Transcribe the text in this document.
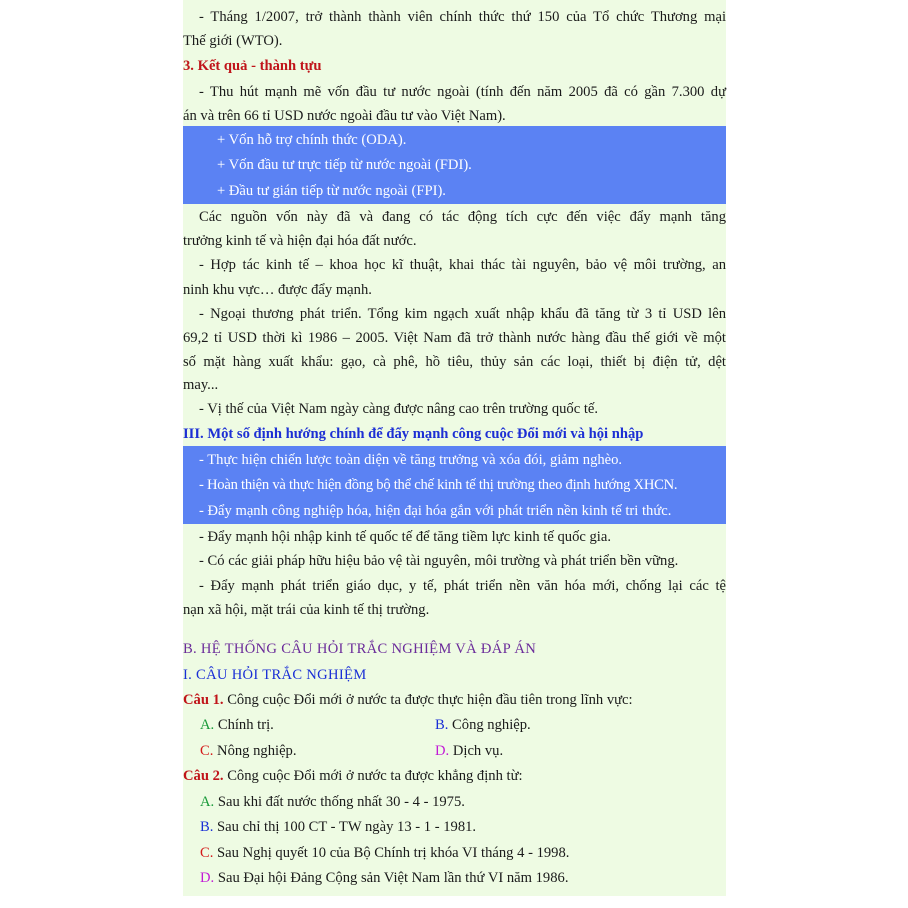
- Tháng 1/2007, trở thành thành viên chính thức thứ 150 của Tổ chức Thương mại
Thế giới (WTO).
3. Kết quả - thành tựu
- Thu hút mạnh mẽ vốn đầu tư nước ngoài (tính đến năm 2005 đã có gần 7.300 dự
án và trên 66 tỉ USD nước ngoài đầu tư vào Việt Nam).
+ Vốn hỗ trợ chính thức (ODA).
+ Vốn đầu tư trực tiếp từ nước ngoài (FDI).
+ Đầu tư gián tiếp từ nước ngoài (FPI).
Các nguồn vốn này đã và đang có tác động tích cực đến việc đẩy mạnh tăng
trưởng kinh tế và hiện đại hóa đất nước.
- Hợp tác kinh tế – khoa học kĩ thuật, khai thác tài nguyên, bảo vệ môi trường, an
ninh khu vực… được đẩy mạnh.
- Ngoại thương phát triển. Tổng kim ngạch xuất nhập khẩu đã tăng từ 3 tỉ USD lên
69,2 tỉ USD thời kì 1986 – 2005. Việt Nam đã trở thành nước hàng đầu thế giới về một
số mặt hàng xuất khẩu: gạo, cà phê, hồ tiêu, thủy sản các loại, thiết bị điện tử, dệt
may...
- Vị thế của Việt Nam ngày càng được nâng cao trên trường quốc tế.
III. Một số định hướng chính để đẩy mạnh công cuộc Đổi mới và hội nhập
- Thực hiện chiến lược toàn diện về tăng trưởng và xóa đói, giảm nghèo.
- Hoàn thiện và thực hiện đồng bộ thể chế kinh tế thị trường theo định hướng XHCN.
- Đẩy mạnh công nghiệp hóa, hiện đại hóa gắn với phát triển nền kinh tế tri thức.
- Đẩy mạnh hội nhập kinh tế quốc tế để tăng tiềm lực kinh tế quốc gia.
- Có các giải pháp hữu hiệu bảo vệ tài nguyên, môi trường và phát triển bền vững.
- Đẩy mạnh phát triển giáo dục, y tế, phát triển nền văn hóa mới, chống lại các tệ
nạn xã hội, mặt trái của kinh tế thị trường.
B. HỆ THỐNG CÂU HỎI TRẮC NGHIỆM VÀ ĐÁP ÁN
I. CÂU HỎI TRẮC NGHIỆM
Câu 1. Công cuộc Đổi mới ở nước ta được thực hiện đầu tiên trong lĩnh vực:
A. Chính trị.	B. Công nghiệp.
C. Nông nghiệp.	D. Dịch vụ.
Câu 2. Công cuộc Đổi mới ở nước ta được khẳng định từ:
A. Sau khi đất nước thống nhất 30 - 4 - 1975.
B. Sau chỉ thị 100 CT - TW ngày 13 - 1 - 1981.
C. Sau Nghị quyết 10 của Bộ Chính trị khóa VI tháng 4 - 1998.
D. Sau Đại hội Đảng Cộng sản Việt Nam lần thứ VI năm 1986.
